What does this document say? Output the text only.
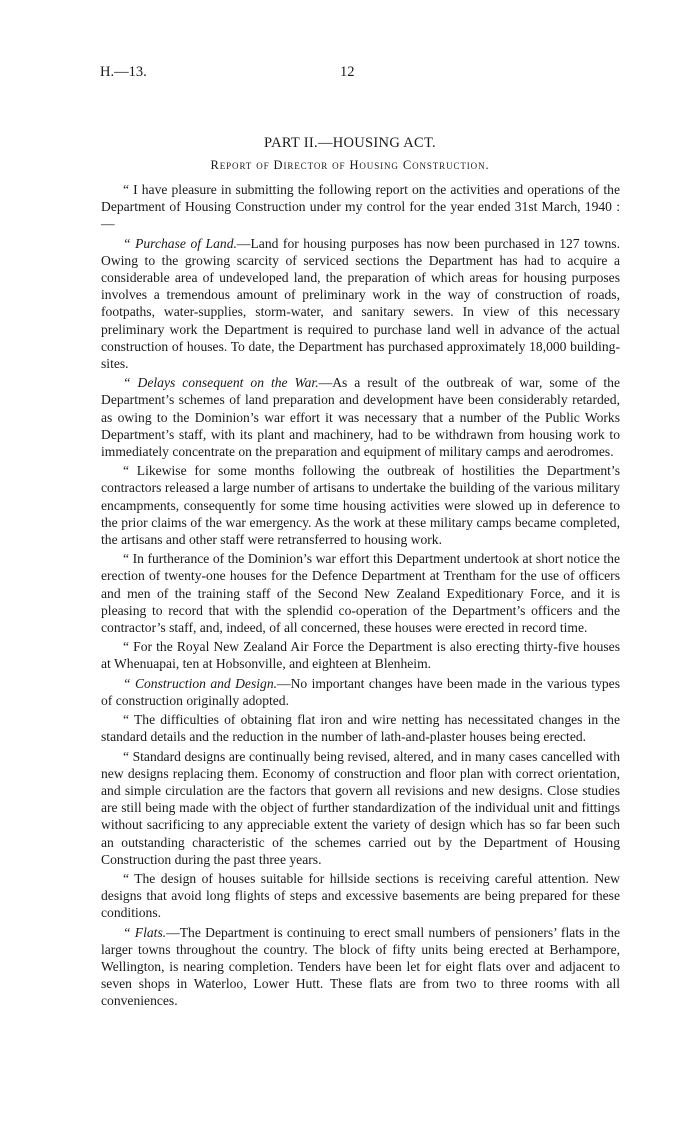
H.—13.	12
PART II.—HOUSING ACT.
Report of Director of Housing Construction.

“ I have pleasure in submitting the following report on the activities and operations of the Department of Housing Construction under my control for the year ended 31st March, 1940 :—

“ Purchase of Land.—Land for housing purposes has now been purchased in 127 towns. Owing to the growing scarcity of serviced sections the Department has had to acquire a considerable area of undeveloped land, the preparation of which areas for housing purposes involves a tremendous amount of preliminary work in the way of construction of roads, footpaths, water-supplies, storm-water, and sanitary sewers. In view of this necessary preliminary work the Department is required to purchase land well in advance of the actual construction of houses. To date, the Department has purchased approximately 18,000 building-sites.

“ Delays consequent on the War.—As a result of the outbreak of war, some of the Department’s schemes of land preparation and development have been considerably retarded, as owing to the Dominion’s war effort it was necessary that a number of the Public Works Department’s staff, with its plant and machinery, had to be withdrawn from housing work to immediately concentrate on the preparation and equipment of military camps and aerodromes.

“ Likewise for some months following the outbreak of hostilities the Department’s contractors released a large number of artisans to undertake the building of the various military encampments, consequently for some time housing activities were slowed up in deference to the prior claims of the war emergency. As the work at these military camps became completed, the artisans and other staff were retransferred to housing work.

“ In furtherance of the Dominion’s war effort this Department undertook at short notice the erection of twenty-one houses for the Defence Department at Trentham for the use of officers and men of the training staff of the Second New Zealand Expeditionary Force, and it is pleasing to record that with the splendid co-operation of the Department’s officers and the contractor’s staff, and, indeed, of all concerned, these houses were erected in record time.

“ For the Royal New Zealand Air Force the Department is also erecting thirty-five houses at Whenuapai, ten at Hobsonville, and eighteen at Blenheim.

“ Construction and Design.—No important changes have been made in the various types of construction originally adopted.

“ The difficulties of obtaining flat iron and wire netting has necessitated changes in the standard details and the reduction in the number of lath-and-plaster houses being erected.

“ Standard designs are continually being revised, altered, and in many cases cancelled with new designs replacing them. Economy of construction and floor plan with correct orientation, and simple circulation are the factors that govern all revisions and new designs. Close studies are still being made with the object of further standardization of the individual unit and fittings without sacrificing to any appreciable extent the variety of design which has so far been such an outstanding characteristic of the schemes carried out by the Department of Housing Construction during the past three years.

“ The design of houses suitable for hillside sections is receiving careful attention. New designs that avoid long flights of steps and excessive basements are being prepared for these conditions.

“ Flats.—The Department is continuing to erect small numbers of pensioners’ flats in the larger towns throughout the country. The block of fifty units being erected at Berhampore, Wellington, is nearing completion. Tenders have been let for eight flats over and adjacent to seven shops in Waterloo, Lower Hutt. These flats are from two to three rooms with all conveniences.
